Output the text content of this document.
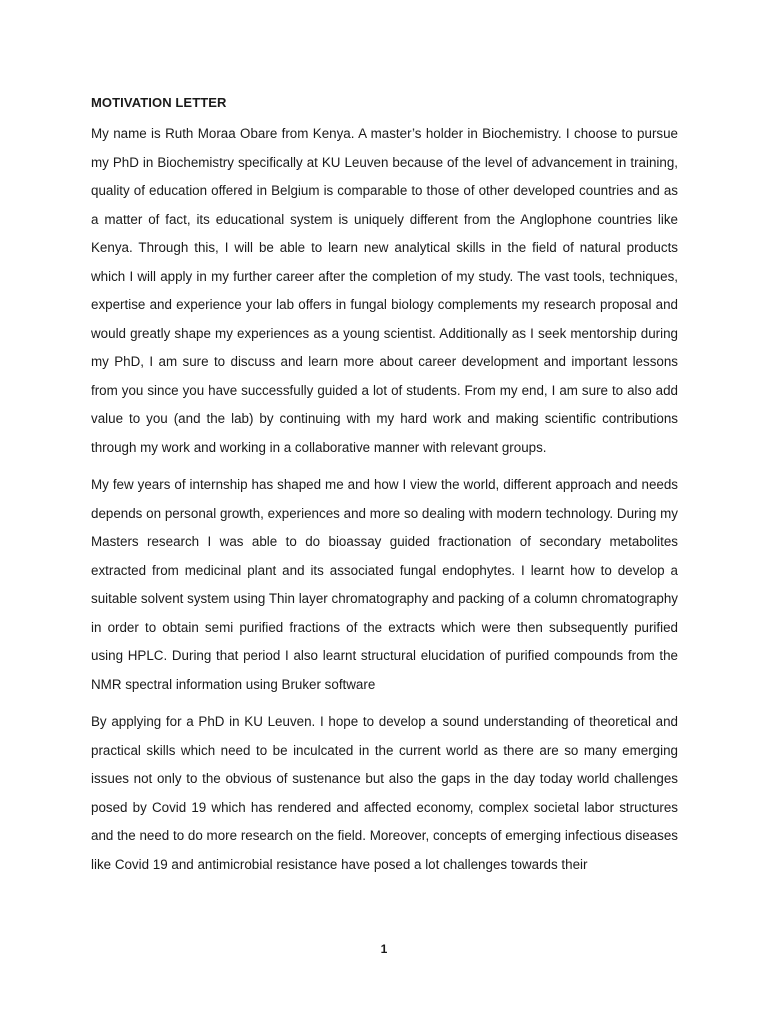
MOTIVATION LETTER

My name is Ruth Moraa Obare from Kenya. A master’s holder in Biochemistry. I choose to pursue my PhD in Biochemistry specifically at KU Leuven because of the level of advancement in training, quality of education offered in Belgium is comparable to those of other developed countries and as a matter of fact, its educational system is uniquely different from the Anglophone countries like Kenya. Through this, I will be able to learn new analytical skills in the field of natural products which I will apply in my further career after the completion of my study. The vast tools, techniques, expertise and experience your lab offers in fungal biology complements my research proposal and would greatly shape my experiences as a young scientist. Additionally as I seek mentorship during my PhD, I am sure to discuss and learn more about career development and important lessons from you since you have successfully guided a lot of students. From my end, I am sure to also add value to you (and the lab) by continuing with my hard work and making scientific contributions through my work and working in a collaborative manner with relevant groups.

My few years of internship has shaped me and how I view the world, different approach and needs depends on personal growth, experiences and more so dealing with modern technology. During my Masters research I was able to do bioassay guided fractionation of secondary metabolites extracted from medicinal plant and its associated fungal endophytes. I learnt how to develop a suitable solvent system using Thin layer chromatography and packing of a column chromatography in order to obtain semi purified fractions of the extracts which were then subsequently purified using HPLC. During that period I also learnt structural elucidation of purified compounds from the NMR spectral information using Bruker software

By applying for a PhD in KU Leuven. I hope to develop a sound understanding of theoretical and practical skills which need to be inculcated in the current world as there are so many emerging issues not only to the obvious of sustenance but also the gaps in the day today world challenges posed by Covid 19 which has rendered and affected economy, complex societal labor structures and the need to do more research on the field. Moreover, concepts of emerging infectious diseases like Covid 19 and antimicrobial resistance have posed a lot challenges towards their

1
